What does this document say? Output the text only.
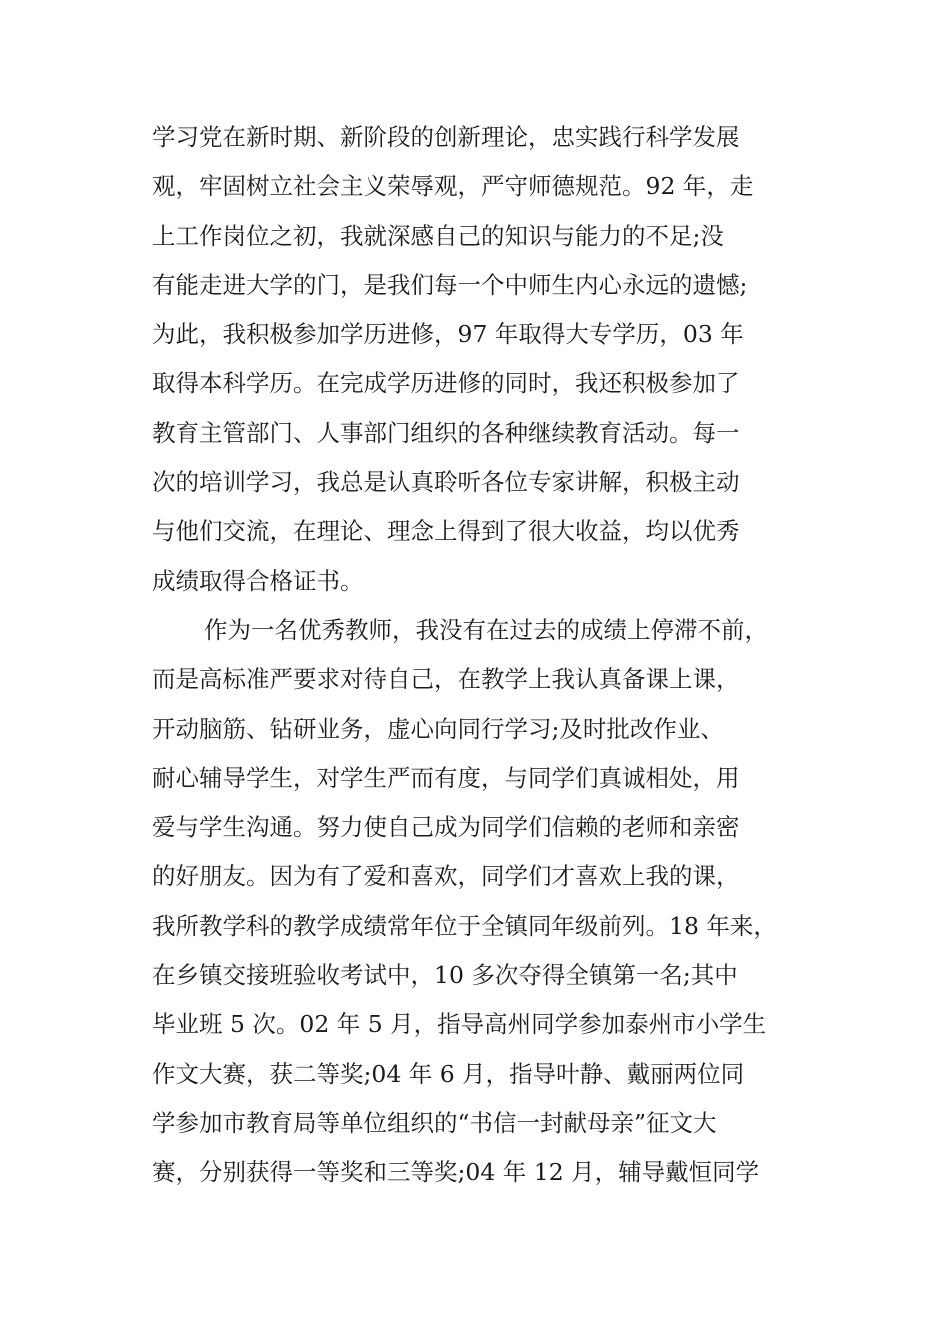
学习党在新时期、新阶段的创新理论，忠实践行科学发展
观，牢固树立社会主义荣辱观，严守师德规范。92 年，走
上工作岗位之初，我就深感自己的知识与能力的不足;没
有能走进大学的门，是我们每一个中师生内心永远的遗憾;
为此，我积极参加学历进修，97 年取得大专学历，03 年
取得本科学历。在完成学历进修的同时，我还积极参加了
教育主管部门、人事部门组织的各种继续教育活动。每一
次的培训学习，我总是认真聆听各位专家讲解，积极主动
与他们交流，在理论、理念上得到了很大收益，均以优秀
成绩取得合格证书。
作为一名优秀教师，我没有在过去的成绩上停滞不前，
而是高标准严要求对待自己，在教学上我认真备课上课，
开动脑筋、钻研业务，虚心向同行学习;及时批改作业、
耐心辅导学生，对学生严而有度，与同学们真诚相处，用
爱与学生沟通。努力使自己成为同学们信赖的老师和亲密
的好朋友。因为有了爱和喜欢，同学们才喜欢上我的课，
我所教学科的教学成绩常年位于全镇同年级前列。18 年来，
在乡镇交接班验收考试中，10 多次夺得全镇第一名;其中
毕业班 5 次。02 年 5 月，指导高州同学参加泰州市小学生
作文大赛，获二等奖;04 年 6 月，指导叶静、戴丽两位同
学参加市教育局等单位组织的“书信一封献母亲”征文大
赛，分别获得一等奖和三等奖;04 年 12 月，辅导戴恒同学
